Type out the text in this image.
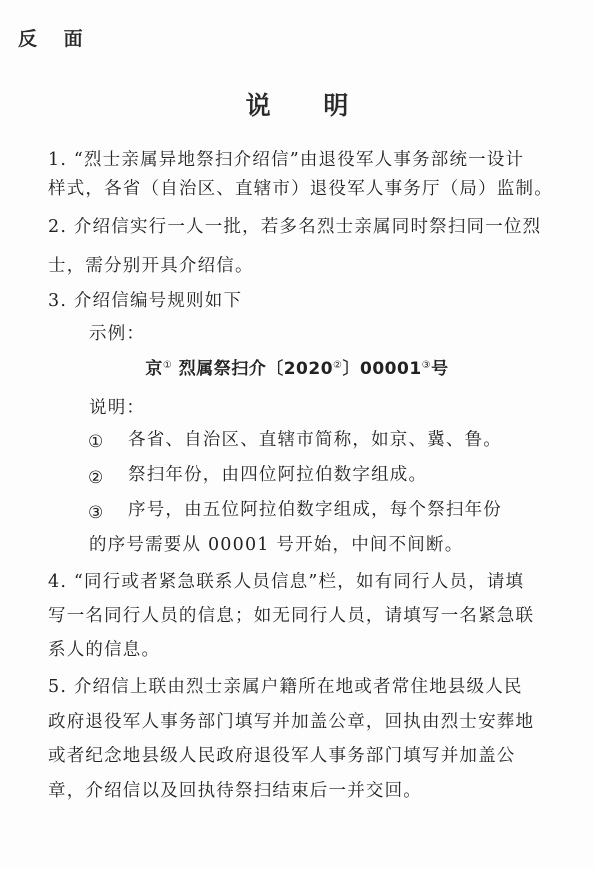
反 面
说 明
1. “烈士亲属异地祭扫介绍信”由退役军人事务部统一设计
样式，各省（自治区、直辖市）退役军人事务厅（局）监制。
2. 介绍信实行一人一批，若多名烈士亲属同时祭扫同一位烈
士，需分别开具介绍信。
3. 介绍信编号规则如下
示例：
京① 烈属祭扫介〔2020②〕00001③号
说明：
① 各省、自治区、直辖市简称，如京、冀、鲁。
② 祭扫年份，由四位阿拉伯数字组成。
③ 序号，由五位阿拉伯数字组成，每个祭扫年份
的序号需要从 00001 号开始，中间不间断。
4. “同行或者紧急联系人员信息”栏，如有同行人员，请填
写一名同行人员的信息；如无同行人员，请填写一名紧急联
系人的信息。
5. 介绍信上联由烈士亲属户籍所在地或者常住地县级人民
政府退役军人事务部门填写并加盖公章，回执由烈士安葬地
或者纪念地县级人民政府退役军人事务部门填写并加盖公
章，介绍信以及回执待祭扫结束后一并交回。
